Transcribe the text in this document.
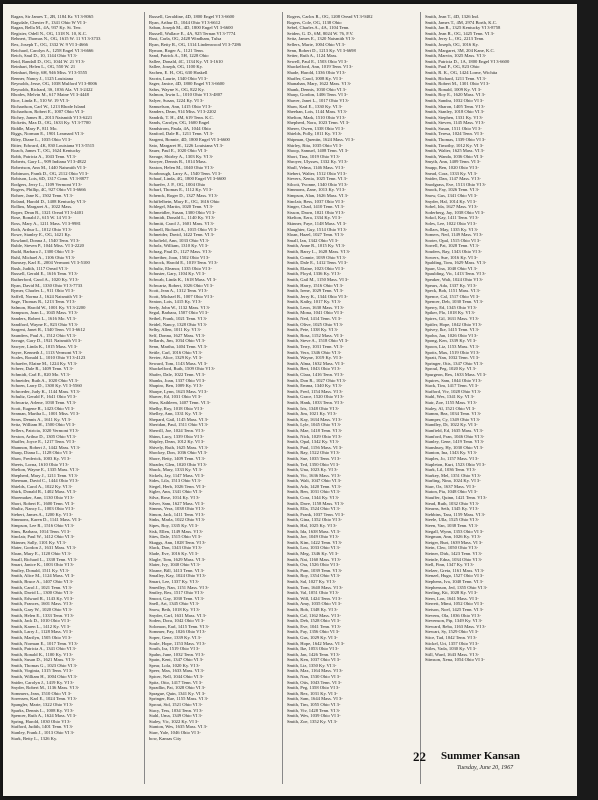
Ragan, Sir James T., 2B, 1184 Kr. VI 3-8065
Ragsdale, Chester F., 1341 Ohio W VI 3-
Ragan, Bella M., 4A, 937 Ky. St. Terr.
Register, Odell N., OG, 1318 N. 10, K.C.
Rehnert, Thomas N., OG, 1615 W. 11 VI 3-3733
Rex, Joseph T., OG, 1332 W. 9 VI 3-4666
Reichard, Carolyn A., 1258 Engel VI 3-6666
Reich, Saul D., 10, 1144 Ohio VI 3-
Reid, Randall D., OG, 1044 W. 21 VI 3-
Reinhart, Helen L., OG, 550 W. 21
Reinhart, Betty, 6H, 946 Miss. VI 3-5555
Renner, Nancy J., 1125 Louisiana
Reynolds, Jesse, OG, 1038 Mulford VI 3-8006
Reynolds, Richard, 3S, 1036 Ala. VI 3-2422
Rhodes, Melvin M., 617 Maine VI 3-4448
Rice, Linda E., 510 W. 19 VI 3-
Richardson, Carl W., 1213 Rhode Island
Richardson, Robert E., 1007 Ohio VI 3-
Richey, James R., 2013 Naismith VI 3-6221
Ricketts, Max D., OG, 1633 Ky. VI 3-7700
Riddle, Mary P., 811 Mo.
Riggs, Norman E., 1901 Learnard VI 3-
Riley, Diane L., 1035 Ohio VI 3-
Ritter, Edward, 4K, 830 Louisiana VI 3-5515
Roach, James T., OG, 1624 Kentucky
Robb, Patricia A., 1043 Tenn. VI 3-
Roberts, Gary L., 909 Indiana VI 3-4822
Robertson, Ann M., 1440 Naismith VI 3-
Robinson, Frank D., OG, 2112 Ohio VI 3-
Robison, Lois, 6D, 1317 Conn. VI 3-8877
Rodgers, Jerry L., 1109 Vermont VI 3-
Rogers, Phillip, 4C, 927 Ohio VI 3-6666
Rohrer, Jane K., 1502 Tenn. VI 3-
Roland, Harold D., 1408 Kentucky VI 3-
Rollins, Margaret A., 1022 Mass.
Roper, Dean B., 1321 Oread VI 3-4401
Rose, Ronald J., 615 W. 14 VI 3-
Ross, Mary A., 1211 Mass. VI 3-9981
Roth, Arthur L., 1012 Ohio VI 3-
Rowe, Stanley E., OG, 1421 Ky.
Rowland, Donna J., 1540 Tenn. VI 3-
Ruble, Steven P., 1044 Miss. VI 3-2220
Rudd, Barbara J., 1300 Ohio VI 3-
Ruhl, Michael A., 1106 Ohio VI 3-
Rumsey, Karl E., 2004 Vermont VI 3-5100
Rush, Judith, 1117 Oread VI 3-
Russell, Gerald E., 1616 Tenn. VI 3-
Rutherford, Carol A., 1020 Ky. VI 3-
Ryan, David M., 1330 Ohio VI 3-7733
Rymer, Charles L., 911 Ohio VI 3-
Saffell, Norma J., 1624 Naismith VI 3-
Sage, Thomas R., 1213 Tenn. VI 3-
Salmon, Harold W., 1001 Ky. VI 3-2200
Sampson, Joan L., 1045 Mass. VI 3-
Sanders, Robert L., 1616 Mo. VI 3-
Sandford, Wayne E., 823 Ohio VI 3-
Sargent, Janet R., 1340 Tenn. VI 3-6612
Saunders, Paul A., 1512 Ohio VI 3-
Savage, Gary D., 1921 Naismith VI 3-
Sawyer, Linda K., 1015 Mass. VI 3-
Sayre, Kenneth J., 1113 Vermont VI 3-
Scales, Ronald L., 1010 Ohio VI 3-4123
Schaefer, Elaine M., 1224 Ky. VI 3-
Scheer, Dale R., 1409 Tenn. VI 3-
Schmidt, Carl E., 820 Mo. VI 3-
Schneider, Ruth A., 1020 Ohio VI 3-
Schoen, Larry D., 1300 Ky. VI 3-5560
Schroeder, Judy K., 1144 Mass. VI 3-
Schultz, Gerald F., 1641 Ohio VI 3-
Schwartz, Arlene, 1030 Tenn. VI 3-
Scott, Eugene R., 1423 Ohio VI 3-
Seaman, Martha L., 1001 Miss. VI 3-
Sears, Dennis A., 1611 Ky. VI 3-
Seitz, William H., 1500 Ohio VI 3-
Sellers, Patricia, 1020 Vermont VI 3-
Sexton, Arthur D., 1305 Ohio VI 3-
Shaffer, Joyce E., 1217 Tenn. VI 3-
Shannon, Robert J., 1442 Mass. VI 3-
Sharp, Diana L., 1128 Ohio VI 3-
Shaw, Frederick, 1003 Ky. VI 3-
Sheets, Lorna, 1610 Ohio VI 3-
Shelton, Wayne E., 1335 Mass. VI 3-
Shepherd, Mary J., 1211 Tenn. VI 3-
Sherman, David C., 1444 Ohio VI 3-
Shields, Carol A., 1022 Ky. VI 3-
Shirk, Donald R., 1402 Mass. VI 3-
Shoemaker, Ann, 1130 Ohio VI 3-
Short, Robert E., 1600 Tenn. VI 3-
Shultz, Nancy L., 1003 Ohio VI 3-
Siebert, James A., 1200 Ky. VI 3-
Simmons, Karen D., 1141 Mass. VI 3-
Simpson, Lee R., 1516 Ohio VI 3-
Sims, Barbara, 1014 Tenn. VI 3-
Sinclair, Paul W., 1412 Ohio VI 3-
Skinner, Sally, 1101 Ky. VI 3-
Slater, Gordon J., 1631 Mass. VI 3-
Sloan, Mary E., 1120 Ohio VI 3-
Small, Richard L., 1338 Tenn. VI 3-
Smart, Janice K., 1003 Ohio VI 3-
Smiley, Donald, 1511 Ky. VI 3-
Smith, Alice M., 1124 Mass. VI 3-
Smith, Bruce A., 1407 Ohio VI 3-
Smith, Carol J., 1021 Tenn. VI 3-
Smith, David L., 1300 Ohio VI 3-
Smith, Edward R., 1143 Ky. VI 3-
Smith, Frances, 1601 Mass. VI 3-
Smith, Gary W., 1020 Ohio VI 3-
Smith, Helen E., 1333 Tenn. VI 3-
Smith, Jack D., 1010 Ohio VI 3-
Smith, Karen L., 1412 Ky. VI 3-
Smith, Larry J., 1128 Mass. VI 3-
Smith, Marilyn, 1505 Ohio VI 3-
Smith, Norman E., 1017 Tenn. VI 3-
Smith, Patricia A., 1341 Ohio VI 3-
Smith, Ronald K., 1100 Ky. VI 3-
Smith, Susan D., 1621 Mass. VI 3-
Smith, Thomas G., 1023 Ohio VI 3-
Smith, Virginia, 1315 Tenn. VI 3-
Smith, William H., 1004 Ohio VI 3-
Snider, Carolyn J., 1419 Ky. VI 3-
Snyder, Robert M., 1136 Mass. VI 3-
Sommers, Jean, 1510 Ohio VI 3-
Sorensen, Karl E., 1024 Tenn. VI 3-
Spangler, Marie, 1322 Ohio VI 3-
Sparks, Dennis L., 1008 Ky. VI 3-
Spencer, Ruth A., 1624 Mass. VI 3-
Spring, Harold, 1030 Ohio VI 3-
Stafford, Judith, 1401 Tenn. VI 3-
Stanley, Frank J., 1013 Ohio VI 3-
Stark, Betty L., 1326 Ky.
Russell, Geraldine, 4D, 1800 Engel VI 3-6600
Ryan, Arthur D., 1044 Ohio VI 3-6612
Saban, Joseph M., 4D, 1800 Engel VI 3-6600
Russell, Wallace E., 4A, 925 Ternan VI 3-7774
Rust, Carla, OG, 2428 Windham, Tulsa
Ryan, Betty R., OG, 1314 Lindenwood VI 3-7286
Rymon, Roger A., 1121 Tenn.
Sand, Patrick A., 5H, 1228 Ohio
Sallee, Donald, 4C, 1134 Ky. VI 3-1610
Sallee, Joseph, OG, 1100 Ky.
Sachen, E. H., OG, 630 Haskell
Sacrin, Laurie, 1340 Ohio VI 3-
Sager, Janice, 4D, 1800 Engel VI 3-6600
Sahrs, Wayne S., OG, 822 Ky.
Salmon, Irwin L., 1010 Ohio VI 3-4807
Salyer, Susan, 1224 Ky. VI 3-
Samuelson, Ann, 1415 Ohio VI 3-
Sanders, Dean, 914 Miss. VI 3-2202
Sandrik, T. H., 4M, 619 Tenn. K.C.
Sands, Carolyn, OG, 1600 Engel
Sandstrom, Paula, 4A, 1044 Ohio
Sanford, Dale R., 1211 Tenn. VI 3-
Sargent, Bonnie, 4D, 1800 Engel VI 3-6600
Sato, Margaret H., 1226 Louisiana VI 3-
Sauer, Paul E., 1020 Ohio VI 3-
Savage, Shirley A., 1303 Ky. VI 3-
Sawyer, Dennis R., 1014 Mass.
Saxton, Helen M., 1040 Ohio VI 3-
Scarbrough, Larry A., 1540 Tenn. VI 3-
Schaaf, Linda, 4G, 1800 Engel VI 3-6600
Schaefer, J. P., OG, 1004 Ohio
Scharf, Thomas E., 1112 Ky. VI 3-
Schenck, Roger D., 1327 Mass. VI 3-
Schiffelbein, Mary E., OG, 1616 Ohio
Schlegel, Martin, 1020 Tenn. VI 3-
Schmeidler, Susan, 1300 Ohio VI 3-
Schmidt, Donald L., 1140 Ky. VI 3-
Schmitt, Carol J., 1601 Mass. VI 3-
Schnell, Richard A., 1015 Ohio VI 3-
Schneider, David, 1422 Tenn. VI 3-
Schofield, Ann, 1033 Ohio VI 3-
Scholz, William, 1310 Ky. VI 3-
Schrag, Paul D., 1127 Mass. VI 3-
Schreiber, Joan, 1502 Ohio VI 3-
Schrock, Harold E., 1019 Tenn. VI 3-
Schultz, Eleanor, 1335 Ohio VI 3-
Schuster, Gary, 1104 Ky. VI 3-
Schwab, Linda K., 1618 Mass. VI 3-
Schwartz, Robert, 1026 Ohio VI 3-
Scott, Jean A., 1312 Tenn. VI 3-
Scott, Michael R., 1007 Ohio VI 3-
Seaton, Lois, 1415 Ky. VI 3-
Seely, John W., 1132 Mass. VI 3-
Segal, Barbara, 1507 Ohio VI 3-
Seibel, Frank, 1021 Tenn. VI 3-
Seidel, Nancy, 1328 Ohio VI 3-
Selby, Allen, 1011 Ky. VI 3-
Self, Donna, 1627 Mass. VI 3-
Sellards, Jim, 1034 Ohio VI 3-
Senn, Martha, 1404 Tenn. VI 3-
Settle, Carl, 1016 Ohio VI 3-
Sevier, Alice, 1329 Ky. VI 3-
Seward, Tom, 1143 Mass. VI 3-
Shackelford, Ruth, 1509 Ohio VI 3-
Shafer, Dale, 1022 Tenn. VI 3-
Shanks, Joan, 1337 Ohio VI 3-
Shapiro, Ben, 1009 Ky. VI 3-
Sharpe, Lynn, 1623 Mass. VI 3-
Shaver, Ed, 1031 Ohio VI 3-
Shea, Kathleen, 1407 Tenn. VI 3-
Shelby, Roy, 1018 Ohio VI 3-
Shelley, Ann, 1331 Ky. VI 3-
Shepard, Gail, 1145 Mass. VI 3-
Sheridan, Paul, 1511 Ohio VI 3-
Sherrill, Joe, 1024 Tenn. VI 3-
Shinn, Lucy, 1339 Ohio VI 3-
Shipley, Dean, 1012 Ky. VI 3-
Shively, Ruth, 1625 Mass. VI 3-
Shockey, Don, 1036 Ohio VI 3-
Shore, Betty, 1409 Tenn. VI 3-
Shrader, Glen, 1020 Ohio VI 3-
Shuck, Mary, 1333 Ky. VI 3-
Sickels, Jay, 1147 Mass. VI 3-
Sides, Lila, 1513 Ohio VI 3-
Siegel, Herb, 1026 Tenn. VI 3-
Sigler, Ann, 1341 Ohio VI 3-
Silva, Rose, 1014 Ky. VI 3-
Silver, Sam, 1627 Mass. VI 3-
Simms, Vera, 1038 Ohio VI 3-
Simon, Jack, 1411 Tenn. VI 3-
Sinks, Marla, 1022 Ohio VI 3-
Sipes, Roy, 1335 Ky. VI 3-
Sisk, Ellen, 1149 Mass. VI 3-
Sites, Dale, 1515 Ohio VI 3-
Skaggs, Ann, 1028 Tenn. VI 3-
Slack, Don, 1343 Ohio VI 3-
Slade, Eve, 1016 Ky. VI 3-
Slagle, Tom, 1629 Mass. VI 3-
Slater, Ivy, 1040 Ohio VI 3-
Sloane, Bill, 1413 Tenn. VI 3-
Smalley, Kay, 1024 Ohio VI 3-
Smart, Lee, 1337 Ky. VI 3-
Smedley, Nan, 1151 Mass. VI 3-
Smiley, Rex, 1517 Ohio VI 3-
Smoot, Gay, 1030 Tenn. VI 3-
Snell, Art, 1345 Ohio VI 3-
Snow, Beth, 1018 Ky. VI 3-
Snyder, Carl, 1631 Mass. VI 3-
Soden, Dora, 1042 Ohio VI 3-
Solomon, Earl, 1415 Tenn. VI 3-
Sommer, Fay, 1026 Ohio VI 3-
Soper, Gene, 1339 Ky. VI 3-
Soule, Hope, 1153 Mass. VI 3-
South, Ira, 1519 Ohio VI 3-
Spahn, June, 1032 Tenn. VI 3-
Spain, Kent, 1347 Ohio VI 3-
Spear, Lola, 1020 Ky. VI 3-
Speer, Max, 1633 Mass. VI 3-
Spicer, Nell, 1044 Ohio VI 3-
Spitz, Otto, 1417 Tenn. VI 3-
Spradlin, Pat, 1028 Ohio VI 3-
Sprague, Quin, 1341 Ky. VI 3-
Springer, Rae, 1155 Mass. VI 3-
Sprout, Sid, 1521 Ohio VI 3-
Stacy, Tess, 1034 Tenn. VI 3-
Stahl, Uma, 1349 Ohio VI 3-
Staley, Vic, 1022 Ky. VI 3-
Stanton, Wes, 1635 Mass. VI 3-
Starr, Yale, 1046 Ohio VI 3-
bow, Kansas City
Rogers, Carlos R., OG, 1208 Oread VI 3-9402
Rogers, Cole, OG, 1138 Ohio
Sebel, Charles A., 4A, 1104 Tenn.
Seiden, G. D., 6M, 8024 W. 76, F.V.
Seitz, James E., 1320 Naismith VI 3-
Sellers, Marie, 1004 Ohio VI 3-
Senn, Robert D., 1213 Ky. VI 3-6698
Setter, Ruth A., 1124 Mass.
Sewell, Paul E., 1503 Ohio VI 3-
Shackelford, Ann, 1019 Tenn. VI 3-
Shade, Harold, 1336 Ohio VI 3-
Shaffer, Carol, 1008 Ky. VI 3-
Shanahan, Mary, 1622 Mass. VI 3-
Shank, Dennis, 1030 Ohio VI 3-
Sharp, Gordon, 1406 Tenn. VI 3-
Shaver, Janet L., 1017 Ohio VI 3-
Shaw, Karl E., 1330 Ky. VI 3-
Sheehan, Lois, 1144 Mass. VI 3-
Shelton, Mark, 1510 Ohio VI 3-
Shepherd, Nora, 1023 Tenn. VI 3-
Sherer, Owen, 1338 Ohio VI 3-
Shields, Polly, 1011 Ky. VI 3-
Shipman, Quentin, 1624 Mass. VI 3-
Shirley, Rita, 1035 Ohio VI 3-
Shoop, Samuel, 1408 Tenn. VI 3-
Short, Tina, 1019 Ohio VI 3-
Shroyer, Ulysses, 1332 Ky. VI 3-
Shull, Velma, 1146 Mass. VI 3-
Siebert, Walter, 1512 Ohio VI 3-
Sievers, Xenia, 1025 Tenn. VI 3-
Silcott, Yvonne, 1340 Ohio VI 3-
Simmons, Zane, 1013 Ky. VI 3-
Simpson, Alan, 1626 Mass. VI 3-
Sinclair, Bess, 1037 Ohio VI 3-
Singer, Chad, 1410 Tenn. VI 3-
Sisson, Dawn, 1021 Ohio VI 3-
Skelton, Ezra, 1334 Ky. VI 3-
Skinner, Faye, 1148 Mass. VI 3-
Slaughter, Guy, 1514 Ohio VI 3-
Sloan, Hazel, 1027 Tenn. VI 3-
Small, Ian, 1342 Ohio VI 3-
Smith, Anne R., 1015 Ky. VI 3-
Smith, Barry L., 1628 Mass. VI 3-
Smith, Connie, 1039 Ohio VI 3-
Smith, Dale E., 1412 Tenn. VI 3-
Smith, Elaine, 1023 Ohio VI 3-
Smith, Floyd, 1336 Ky. VI 3-
Smith, Gail M., 1150 Mass. VI 3-
Smith, Harry, 1516 Ohio VI 3-
Smith, Irene, 1029 Tenn. VI 3-
Smith, Jerry K., 1344 Ohio VI 3-
Smith, Kathy, 1017 Ky. VI 3-
Smith, Leon, 1630 Mass. VI 3-
Smith, Mona, 1041 Ohio VI 3-
Smith, Ned, 1414 Tenn. VI 3-
Smith, Olive, 1025 Ohio VI 3-
Smith, Pete, 1338 Ky. VI 3-
Smith, Rosa, 1152 Mass. VI 3-
Smith, Steve A., 1518 Ohio VI 3-
Smith, Terry, 1031 Tenn. VI 3-
Smith, Vera, 1346 Ohio VI 3-
Smith, Wayne, 1019 Ky. VI 3-
Smith, Alma, 1632 Mass. VI 3-
Smith, Bert, 1043 Ohio VI 3-
Smith, Clara, 1416 Tenn. VI 3-
Smith, Don R., 1027 Ohio VI 3-
Smith, Emma, 1340 Ky. VI 3-
Smith, Fred, 1154 Mass. VI 3-
Smith, Grace, 1520 Ohio VI 3-
Smith, Hank, 1033 Tenn. VI 3-
Smith, Iris, 1348 Ohio VI 3-
Smith, Jim, 1021 Ky. VI 3-
Smith, Kay, 1634 Mass. VI 3-
Smith, Lyle, 1045 Ohio VI 3-
Smith, Mae, 1418 Tenn. VI 3-
Smith, Nick, 1029 Ohio VI 3-
Smith, Opal, 1342 Ky. VI 3-
Smith, Paul, 1156 Mass. VI 3-
Smith, Ray, 1522 Ohio VI 3-
Smith, Sue, 1035 Tenn. VI 3-
Smith, Ted, 1350 Ohio VI 3-
Smith, Una, 1023 Ky. VI 3-
Smith, Vic, 1636 Mass. VI 3-
Smith, Walt, 1047 Ohio VI 3-
Smith, Ada, 1420 Tenn. VI 3-
Smith, Ben, 1031 Ohio VI 3-
Smith, Cora, 1344 Ky. VI 3-
Smith, Dave, 1158 Mass. VI 3-
Smith, Ella, 1524 Ohio VI 3-
Smith, Frank, 1037 Tenn. VI 3-
Smith, Gina, 1352 Ohio VI 3-
Smith, Hal, 1025 Ky. VI 3-
Smith, Ida, 1638 Mass. VI 3-
Smith, Joe, 1049 Ohio VI 3-
Smith, Kim, 1422 Tenn. VI 3-
Smith, Lou, 1033 Ohio VI 3-
Smith, Meg, 1346 Ky. VI 3-
Smith, Nat, 1160 Mass. VI 3-
Smith, Ora, 1526 Ohio VI 3-
Smith, Pam, 1039 Tenn. VI 3-
Smith, Roy, 1354 Ohio VI 3-
Smith, Sal, 1027 Ky. VI 3-
Smith, Tom, 1640 Mass. VI 3-
Smith, Val, 1051 Ohio VI 3-
Smith, Will, 1424 Tenn. VI 3-
Smith, Amy, 1035 Ohio VI 3-
Smith, Bob, 1348 Ky. VI 3-
Smith, Cal, 1162 Mass. VI 3-
Smith, Deb, 1528 Ohio VI 3-
Smith, Eve, 1041 Tenn. VI 3-
Smith, Fay, 1356 Ohio VI 3-
Smith, Gus, 1029 Ky. VI 3-
Smith, Hope, 1642 Mass. VI 3-
Smith, Ike, 1053 Ohio VI 3-
Smith, Jan, 1426 Tenn. VI 3-
Smith, Ken, 1037 Ohio VI 3-
Smith, Liz, 1350 Ky. VI 3-
Smith, Max, 1164 Mass. VI 3-
Smith, Nan, 1530 Ohio VI 3-
Smith, Otis, 1043 Tenn. VI 3-
Smith, Peg, 1358 Ohio VI 3-
Smith, Rex, 1031 Ky. VI 3-
Smith, Sam, 1644 Mass. VI 3-
Smith, Tim, 1055 Ohio VI 3-
Smith, Viv, 1428 Tenn. VI 3-
Smith, Wes, 1039 Ohio VI 3-
Smith, Zoe, 1352 Ky. VI 3-
Smith, Jean T., 4D, 1326 Ind.
Smith, James T., 4M, 2974 Borth, K.C.
Smith, Jan R., 1325 Kentucky VI 3-8758
Smith, Jean R., OG, 1425 Tenn. VI 3-
Smith, Jerry L., OG, 2213 Tenn.
Smith, Joseph, OG, 1016 Ky.
Smith, Margaret, 3M, 204 Kane, K.C.
Smith, Marvin, 1025 Mass. VI 3-
Smith, Patricia D., 1A, 1800 Engel VI 3-6600
Smith, Paul F., OG, 823 Ohio
Smith, R. K., OG, 1424 Lorne, Wichita
Smith, Richard, 1211 Tenn. VI 3-
Smith, Robert M., 1301 Ohio VI 3-
Smith, Ronald, 1009 Ky. VI 3-
Smith, Roy E., 1620 Mass. VI 3-
Smith, Sandra, 1032 Ohio VI 3-
Smith, Sharon, 1405 Tenn. VI 3-
Smith, Stanley, 1018 Ohio VI 3-
Smith, Stephen, 1331 Ky. VI 3-
Smith, Steven, 1145 Mass. VI 3-
Smith, Susan, 1511 Ohio VI 3-
Smith, Teresa, 1024 Tenn. VI 3-
Smith, Thomas, 1339 Ohio VI 3-
Smith, Timothy, 1012 Ky. VI 3-
Smith, Walter, 1625 Mass. VI 3-
Smith, Wanda, 1036 Ohio VI 3-
Smyth, Ann, 1409 Tenn. VI 3-
Snapp, Ben, 1020 Ohio VI 3-
Snead, Cora, 1333 Ky. VI 3-
Snider, Dan, 1147 Mass. VI 3-
Snodgrass, Eve, 1513 Ohio VI 3-
Snook, Fay, 1026 Tenn. VI 3-
Snow, Gus, 1341 Ohio VI 3-
Snyder, Hal, 1014 Ky. VI 3-
Sobel, Ida, 1627 Mass. VI 3-
Soderberg, Jay, 1038 Ohio VI 3-
Sokol, Kay, 1411 Tenn. VI 3-
Soles, Lee, 1022 Ohio VI 3-
Sollars, May, 1335 Ky. VI 3-
Somers, Ned, 1149 Mass. VI 3-
Sooter, Opal, 1515 Ohio VI 3-
Sorrell, Pat, 1028 Tenn. VI 3-
Souders, Ray, 1343 Ohio VI 3-
Sowers, Sue, 1016 Ky. VI 3-
Spalding, Tom, 1629 Mass. VI 3-
Sparr, Una, 1040 Ohio VI 3-
Spaulding, Vic, 1413 Tenn. VI 3-
Speaker, Walt, 1024 Ohio VI 3-
Spears, Ada, 1337 Ky. VI 3-
Speck, Bob, 1151 Mass. VI 3-
Spence, Cal, 1517 Ohio VI 3-
Spencer, Deb, 1030 Tenn. VI 3-
Sperry, Ed, 1345 Ohio VI 3-
Spiker, Flo, 1018 Ky. VI 3-
Spires, Gil, 1631 Mass. VI 3-
Spitler, Hope, 1042 Ohio VI 3-
Spivey, Ike, 1415 Tenn. VI 3-
Spohn, Jan, 1026 Ohio VI 3-
Spong, Ken, 1339 Ky. VI 3-
Spoon, Liz, 1153 Mass. VI 3-
Spotts, Max, 1519 Ohio VI 3-
Spratt, Nan, 1032 Tenn. VI 3-
Springer, Otis, 1347 Ohio VI 3-
Sproul, Peg, 1020 Ky. VI 3-
Spurgeon, Rex, 1633 Mass. VI 3-
Squires, Sam, 1044 Ohio VI 3-
Stack, Tim, 1417 Tenn. VI 3-
Stafford, Viv, 1028 Ohio VI 3-
Stahl, Wes, 1341 Ky. VI 3-
Stair, Zoe, 1155 Mass. VI 3-
Staley, Al, 1521 Ohio VI 3-
Stamm, Bea, 1034 Tenn. VI 3-
Stamper, Cy, 1349 Ohio VI 3-
Standley, Di, 1022 Ky. VI 3-
Stanfield, Ed, 1635 Mass. VI 3-
Stanford, Fran, 1046 Ohio VI 3-
Stanley, Gene, 1419 Tenn. VI 3-
Stansbury, Hy, 1030 Ohio VI 3-
Stanton, Ina, 1343 Ky. VI 3-
Staples, Jo, 1157 Mass. VI 3-
Stapleton, Kurt, 1523 Ohio VI 3-
Stark, Lil, 1036 Tenn. VI 3-
Starkey, Mel, 1351 Ohio VI 3-
Starling, Nina, 1024 Ky. VI 3-
Starr, Oz, 1637 Mass. VI 3-
Staton, Pia, 1048 Ohio VI 3-
Stauffer, Quinn, 1421 Tenn. VI 3-
Stead, Ruth, 1032 Ohio VI 3-
Stearns, Seth, 1345 Ky. VI 3-
Stebbins, Tara, 1159 Mass. VI 3-
Steele, Ulla, 1525 Ohio VI 3-
Steen, Van, 1038 Tenn. VI 3-
Stegall, Wynn, 1353 Ohio VI 3-
Stegman, Ann, 1026 Ky. VI 3-
Steiger, Burt, 1639 Mass. VI 3-
Stein, Cleo, 1050 Ohio VI 3-
Steiner, Dirk, 1423 Tenn. VI 3-
Steinle, Edna, 1034 Ohio VI 3-
Stell, Finn, 1347 Ky. VI 3-
Stelzer, Greta, 1161 Mass. VI 3-
Stenzel, Hugo, 1527 Ohio VI 3-
Stephens, Iva, 1040 Tenn. VI 3-
Stephenson, Jed, 1355 Ohio VI 3-
Sterling, Kit, 1028 Ky. VI 3-
Stern, Lon, 1641 Mass. VI 3-
Sterrett, Mimi, 1052 Ohio VI 3-
Stetson, Noel, 1425 Tenn. VI 3-
Stevens, Ola, 1036 Ohio VI 3-
Stevenson, Pip, 1349 Ky. VI 3-
Steward, Reba, 1163 Mass. VI 3-
Stewart, Sy, 1529 Ohio VI 3-
Stice, Tad, 1042 Tenn. VI 3-
Stickel, Uri, 1357 Ohio VI 3-
Stiles, Vada, 1030 Ky. VI 3-
Still, Ward, 1643 Mass. VI 3-
Stimson, Xena, 1054 Ohio VI 3-
22 Summer Kansan
Tuesday, June 20, 1967
